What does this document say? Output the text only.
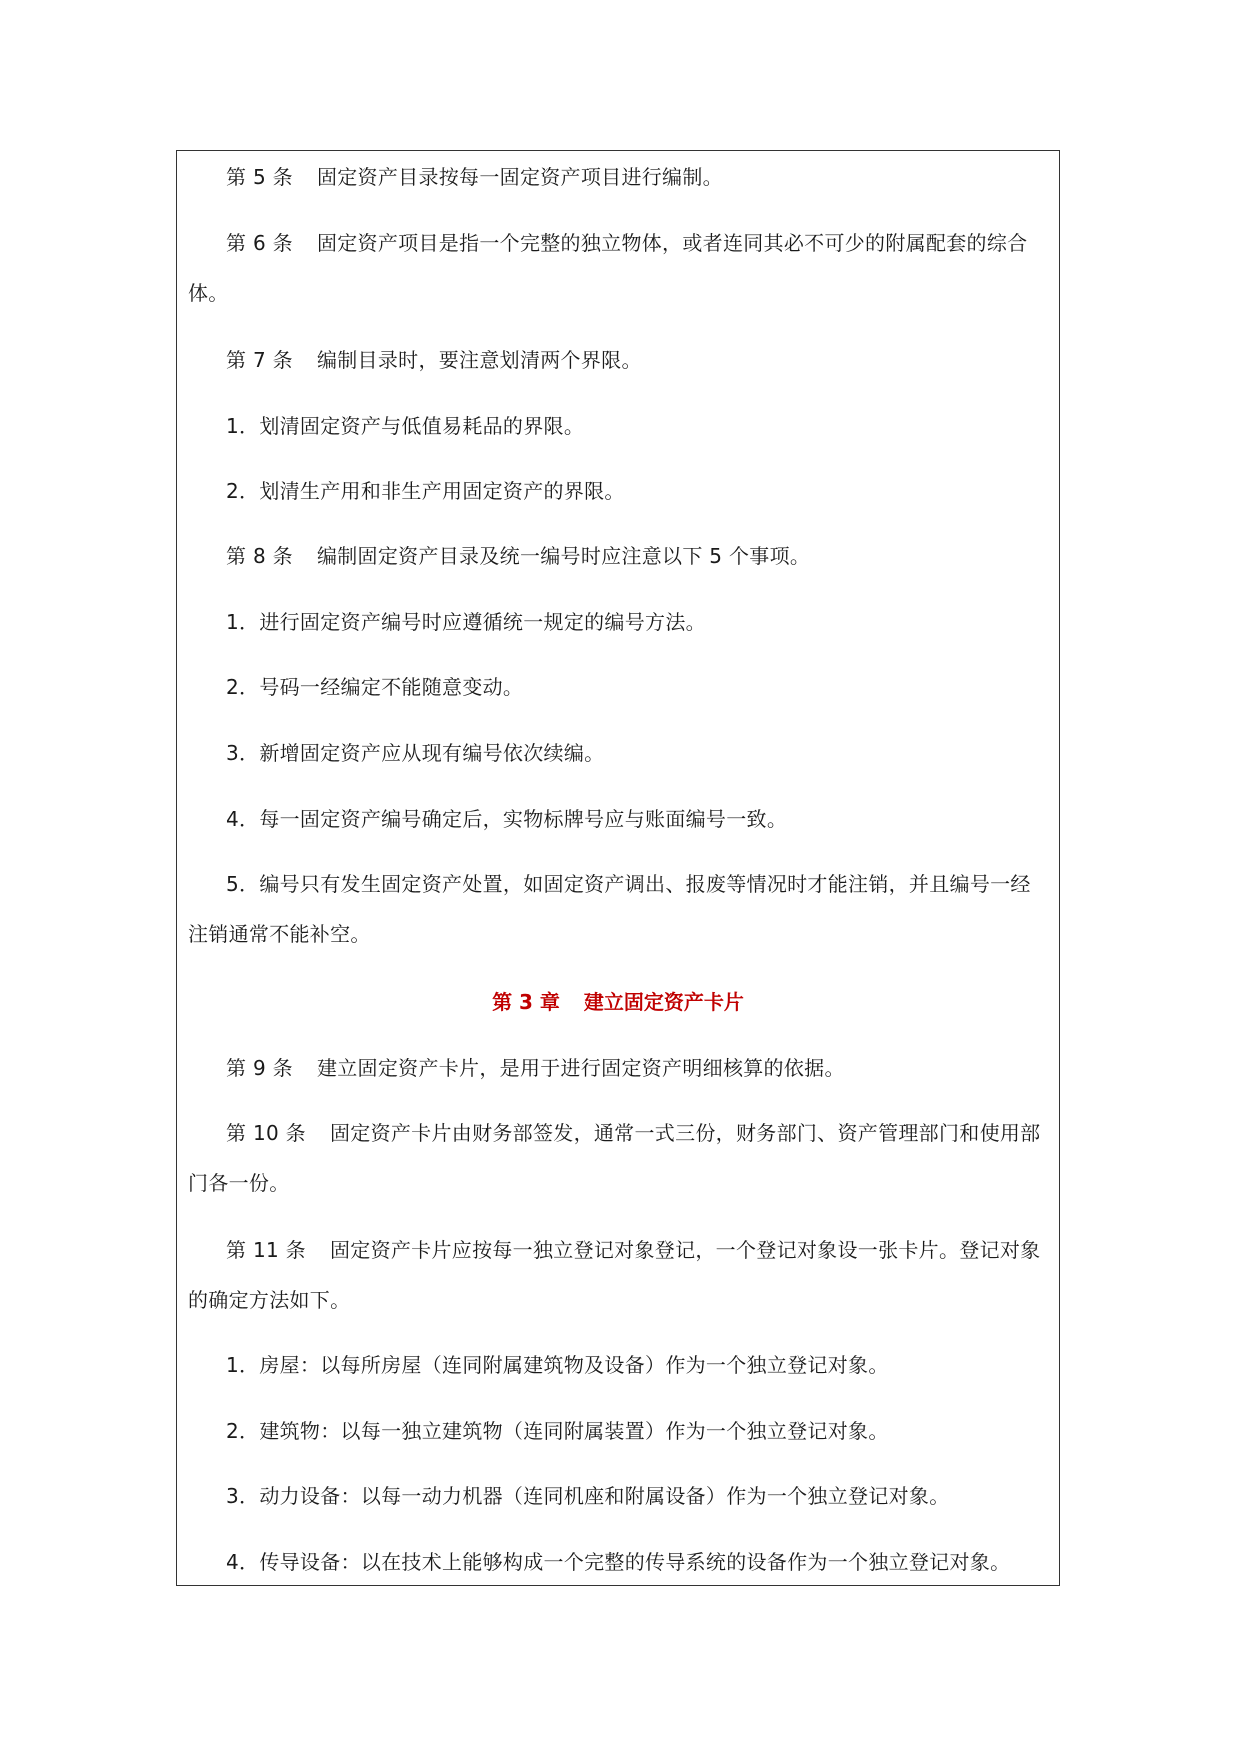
第 5 条 固定资产目录按每一固定资产项目进行编制。
第 6 条 固定资产项目是指一个完整的独立物体，或者连同其必不可少的附属配套的综合体。
第 7 条 编制目录时，要注意划清两个界限。
1．划清固定资产与低值易耗品的界限。
2．划清生产用和非生产用固定资产的界限。
第 8 条 编制固定资产目录及统一编号时应注意以下 5 个事项。
1．进行固定资产编号时应遵循统一规定的编号方法。
2．号码一经编定不能随意变动。
3．新增固定资产应从现有编号依次续编。
4．每一固定资产编号确定后，实物标牌号应与账面编号一致。
5．编号只有发生固定资产处置，如固定资产调出、报废等情况时才能注销，并且编号一经注销通常不能补空。
第 3 章 建立固定资产卡片
第 9 条 建立固定资产卡片，是用于进行固定资产明细核算的依据。
第 10 条 固定资产卡片由财务部签发，通常一式三份，财务部门、资产管理部门和使用部门各一份。
第 11 条 固定资产卡片应按每一独立登记对象登记，一个登记对象设一张卡片。登记对象的确定方法如下。
1．房屋：以每所房屋（连同附属建筑物及设备）作为一个独立登记对象。
2．建筑物：以每一独立建筑物（连同附属装置）作为一个独立登记对象。
3．动力设备：以每一动力机器（连同机座和附属设备）作为一个独立登记对象。
4．传导设备：以在技术上能够构成一个完整的传导系统的设备作为一个独立登记对象。
